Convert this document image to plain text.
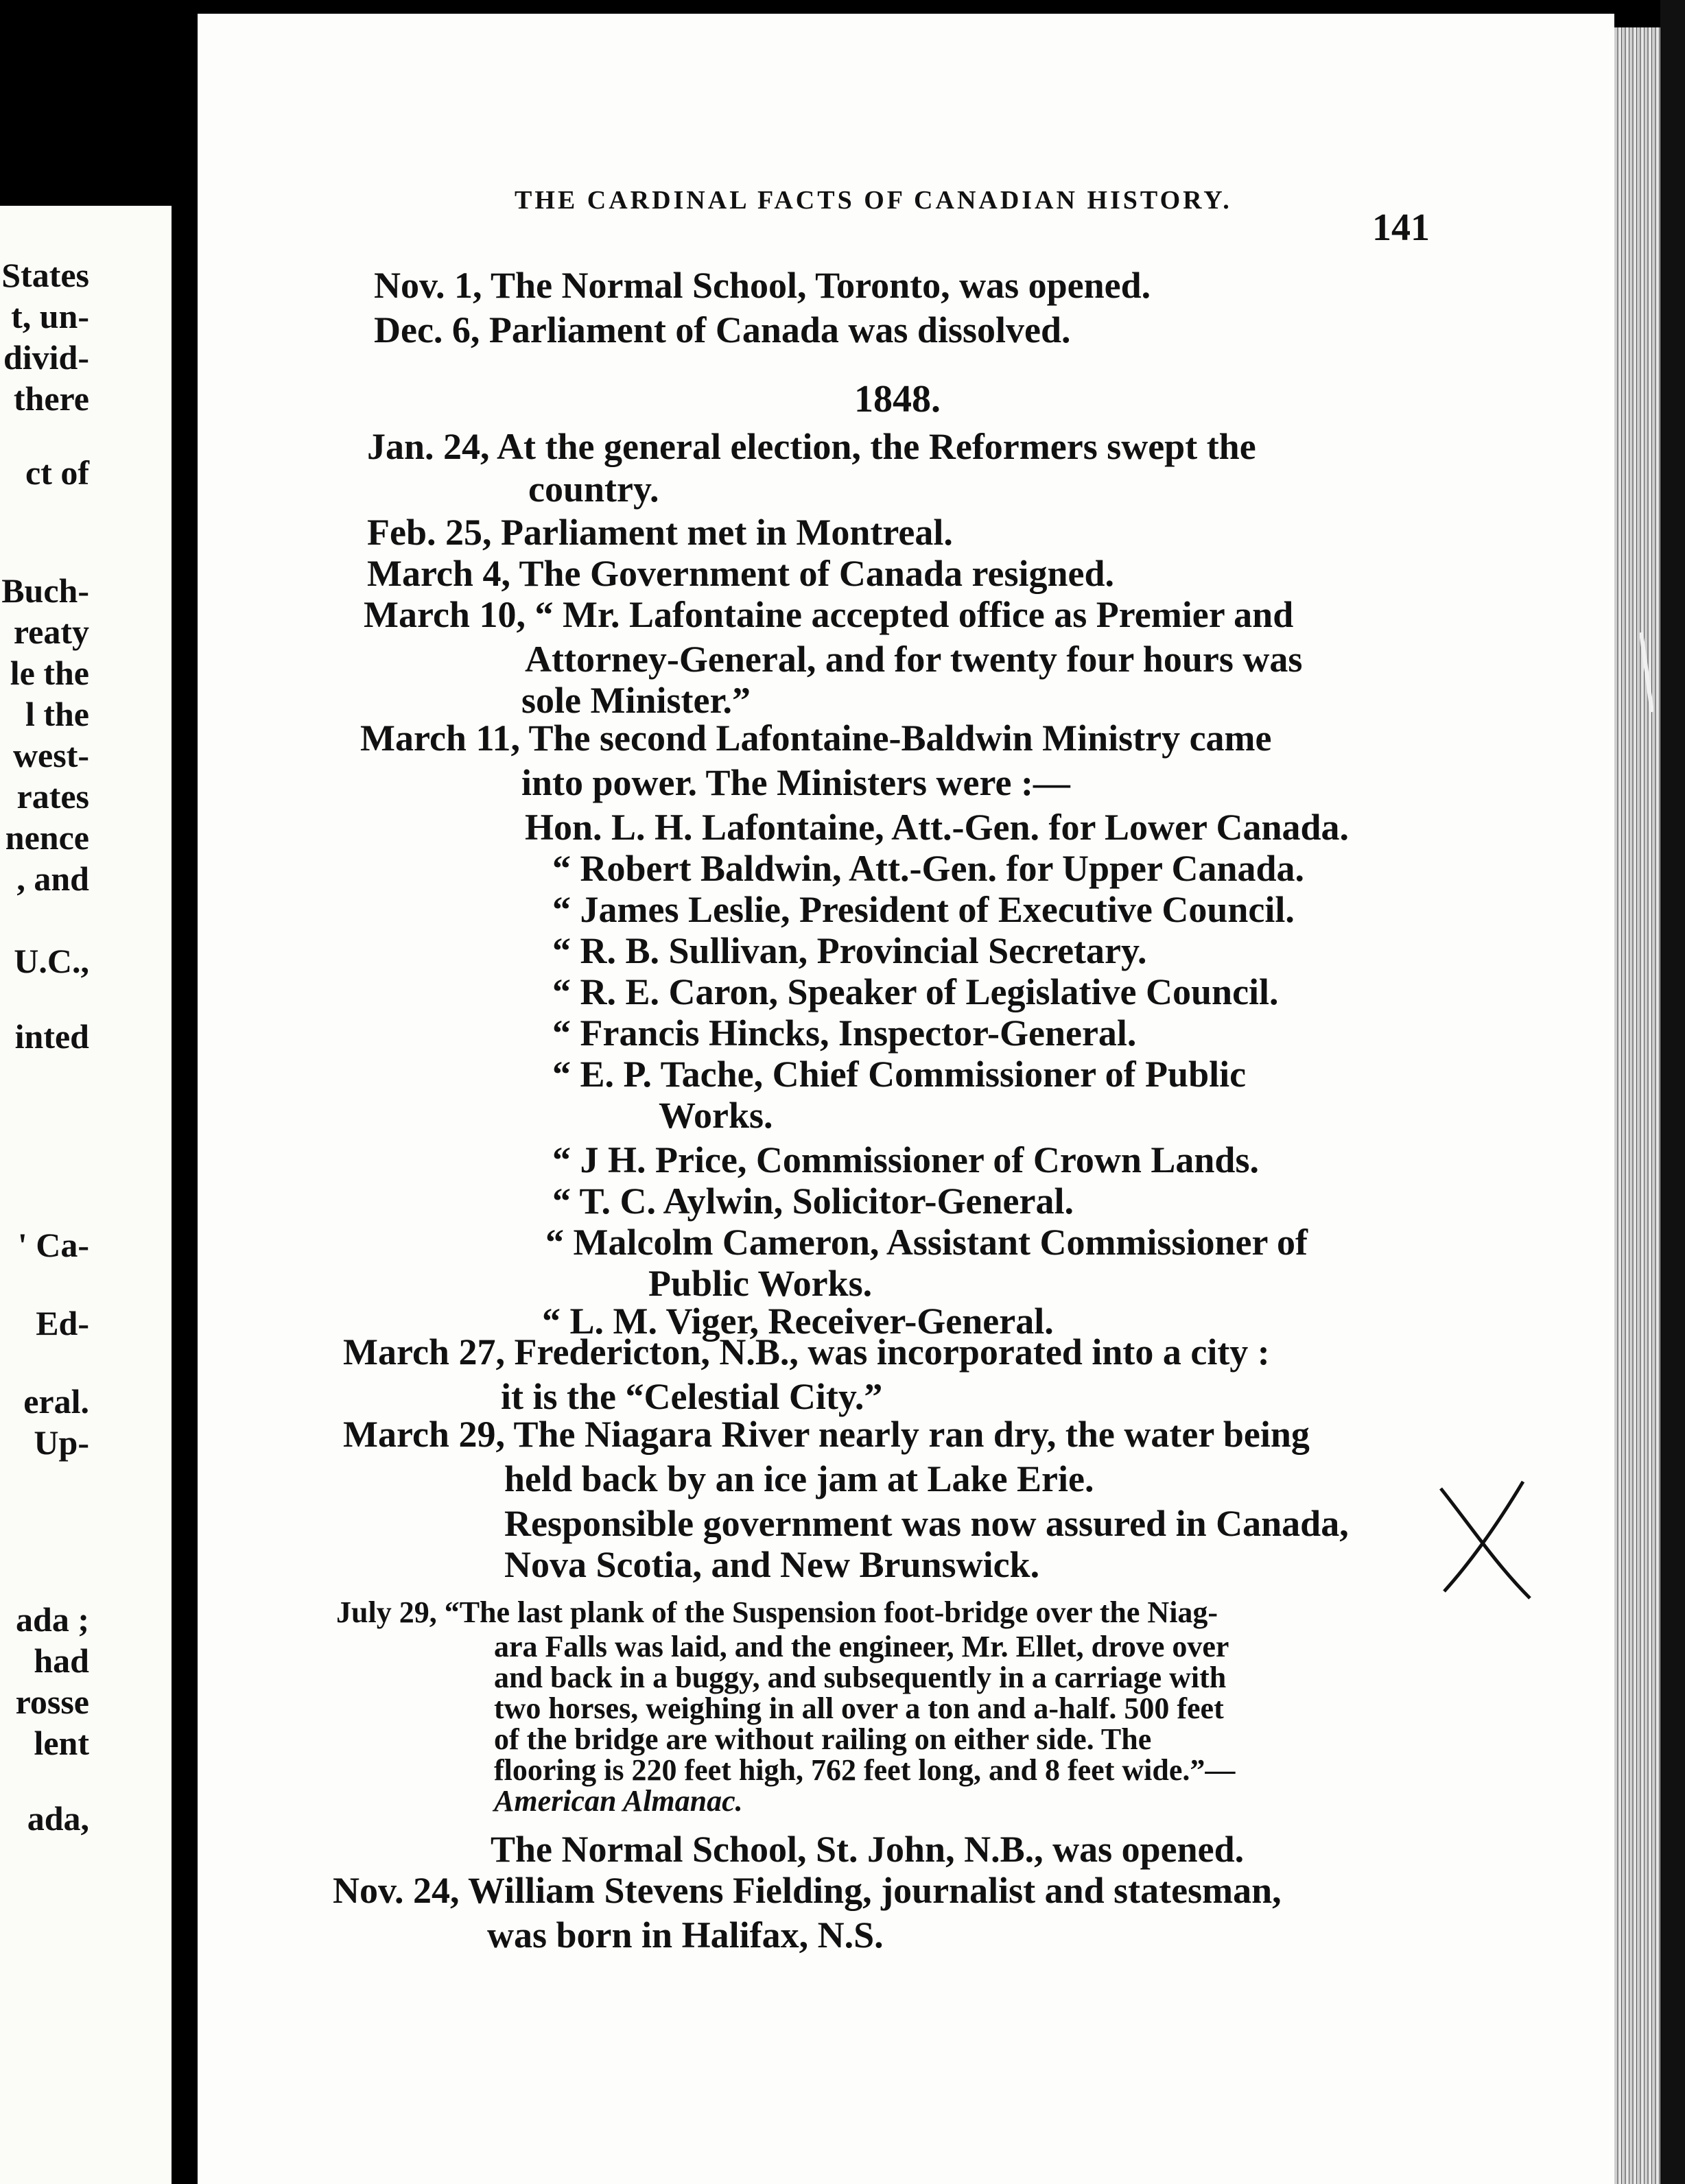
States
t, un-
divid-
there
ct of
Buch-
reaty
le the
l the
west-
rates
nence
, and
U.C.,
inted
' Ca-
Ed-
eral.
Up-
ada ;
had
rosse
lent
ada,
THE CARDINAL FACTS OF CANADIAN HISTORY.
141
Nov. 1, The Normal School, Toronto, was opened.
Dec. 6, Parliament of Canada was dissolved.
1848.
Jan. 24, At the general election, the Reformers swept the
country.
Feb. 25, Parliament met in Montreal.
March 4, The Government of Canada resigned.
March 10, “ Mr. Lafontaine accepted office as Premier and
Attorney-General, and for twenty four hours was
sole Minister.”
March 11, The second Lafontaine-Baldwin Ministry came
into power. The Ministers were :—
Hon. L. H. Lafontaine, Att.-Gen. for Lower Canada.
“ Robert Baldwin, Att.-Gen. for Upper Canada.
“ James Leslie, President of Executive Council.
“ R. B. Sullivan, Provincial Secretary.
“ R. E. Caron, Speaker of Legislative Council.
“ Francis Hincks, Inspector-General.
“ E. P. Tache, Chief Commissioner of Public
Works.
“ J H. Price, Commissioner of Crown Lands.
“ T. C. Aylwin, Solicitor-General.
“ Malcolm Cameron, Assistant Commissioner of
Public Works.
“ L. M. Viger, Receiver-General.
March 27, Fredericton, N.B., was incorporated into a city :
it is the “Celestial City.”
March 29, The Niagara River nearly ran dry, the water being
held back by an ice jam at Lake Erie.
Responsible government was now assured in Canada,
Nova Scotia, and New Brunswick.
July 29, “The last plank of the Suspension foot-bridge over the Niag-
ara Falls was laid, and the engineer, Mr. Ellet, drove over
and back in a buggy, and subsequently in a carriage with
two horses, weighing in all over a ton and a-half. 500 feet
of the bridge are without railing on either side. The
flooring is 220 feet high, 762 feet long, and 8 feet wide.”—
American Almanac.
The Normal School, St. John, N.B., was opened.
Nov. 24, William Stevens Fielding, journalist and statesman,
was born in Halifax, N.S.
